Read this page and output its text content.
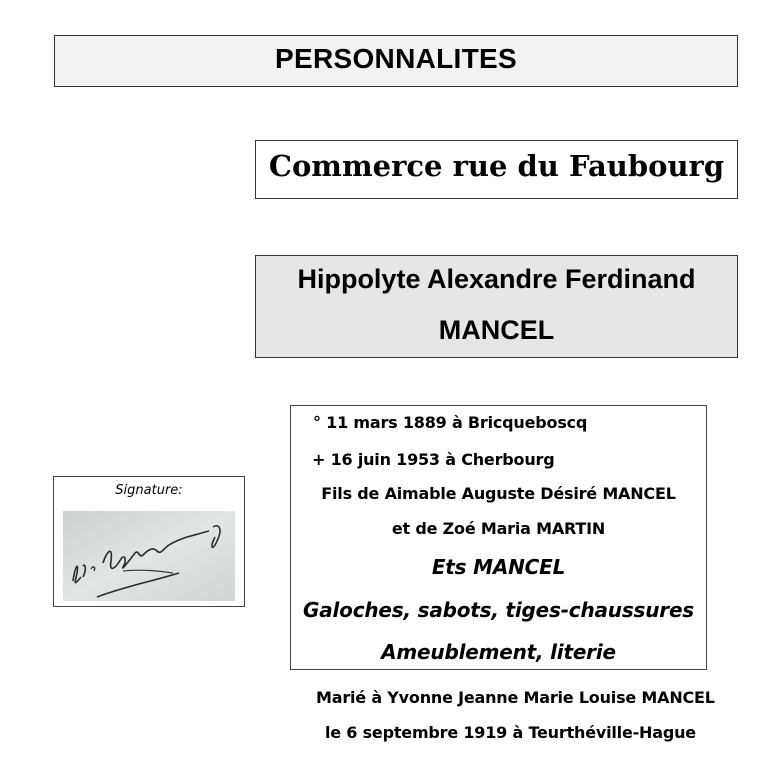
PERSONNALITES
Commerce rue du Faubourg
Hippolyte Alexandre Ferdinand
MANCEL
° 11 mars 1889 à Bricqueboscq
+ 16 juin 1953 à Cherbourg
Fils de Aimable Auguste Désiré MANCEL
et de Zoé Maria MARTIN
Ets MANCEL
Galoches, sabots, tiges-chaussures
Ameublement, literie
Signature:
Marié à Yvonne Jeanne Marie Louise MANCEL
le 6 septembre 1919 à Teurthéville-Hague
